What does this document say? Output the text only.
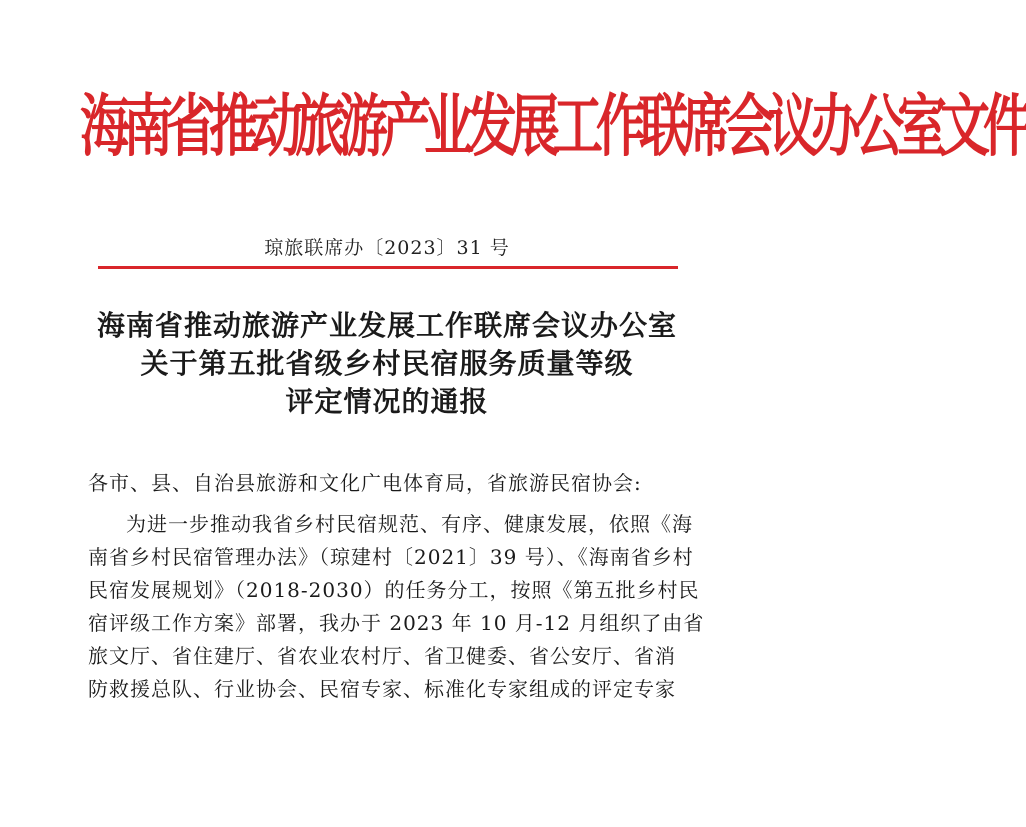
海南省推动旅游产业发展工作联席会议办公室文件
琼旅联席办〔2023〕31 号
海南省推动旅游产业发展工作联席会议办公室
关于第五批省级乡村民宿服务质量等级
评定情况的通报
各市、县、自治县旅游和文化广电体育局，省旅游民宿协会:
为进一步推动我省乡村民宿规范、有序、健康发展，依照《海
南省乡村民宿管理办法》（琼建村〔2021〕39 号）、《海南省乡村
民宿发展规划》（2018-2030）的任务分工，按照《第五批乡村民
宿评级工作方案》部署，我办于 2023 年 10 月-12 月组织了由省
旅文厅、省住建厅、省农业农村厅、省卫健委、省公安厅、省消
防救援总队、行业协会、民宿专家、标准化专家组成的评定专家
